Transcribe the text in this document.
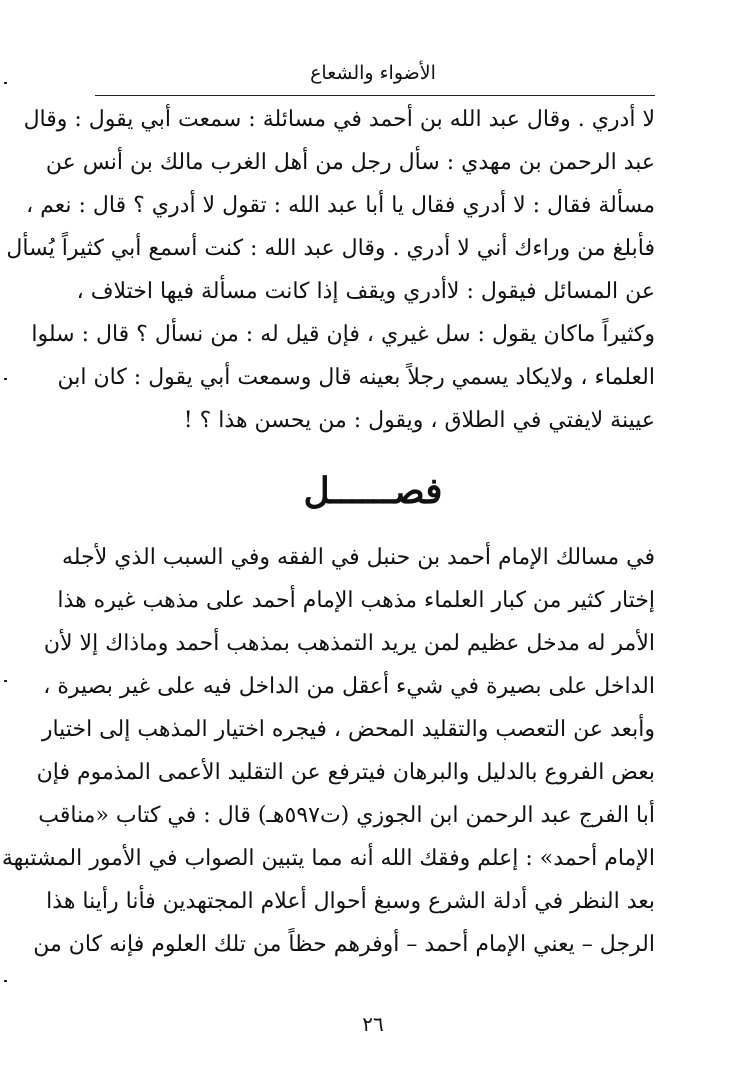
الأضواء والشعاع
لا أدري . وقال عبد الله بن أحمد في مسائلة : سمعت أبي يقول : وقال
عبد الرحمن بن مهدي : سأل رجل من أهل الغرب مالك بن أنس عن
مسألة فقال : لا أدري فقال يا أبا عبد الله : تقول لا أدري ؟ قال : نعم ،
فأبلغ من وراءك أني لا أدري . وقال عبد الله : كنت أسمع أبي كثيراً يُسأل
عن المسائل فيقول : لاأدري ويقف إذا كانت مسألة فيها اختلاف ،
وكثيراً ماكان يقول : سل غيري ، فإن قيل له : من نسأل ؟ قال : سلوا
العلماء ، ولايكاد يسمي رجلاً بعينه قال وسمعت أبي يقول : كان ابن
عيينة لايفتي في الطلاق ، ويقول : من يحسن هذا ؟ !
فصــــــل
في مسالك الإمام أحمد بن حنبل في الفقه وفي السبب الذي لأجله
إختار كثير من كبار العلماء مذهب الإمام أحمد على مذهب غيره هذا
الأمر له مدخل عظيم لمن يريد التمذهب بمذهب أحمد وماذاك إلا لأن
الداخل على بصيرة في شيء أعقل من الداخل فيه على غير بصيرة ،
وأبعد عن التعصب والتقليد المحض ، فيجره اختيار المذهب إلى اختيار
بعض الفروع بالدليل والبرهان فيترفع عن التقليد الأعمى المذموم فإن
أبا الفرج عبد الرحمن ابن الجوزي (ت٥٩٧هـ) قال : في كتاب «مناقب
الإمام أحمد» : إعلم وفقك الله أنه مما يتبين الصواب في الأمور المشتبهة
بعد النظر في أدلة الشرع وسبغ أحوال أعلام المجتهدين فأنا رأينا هذا
الرجل – يعني الإمام أحمد – أوفرهم حظاً من تلك العلوم فإنه كان من
٢٦
